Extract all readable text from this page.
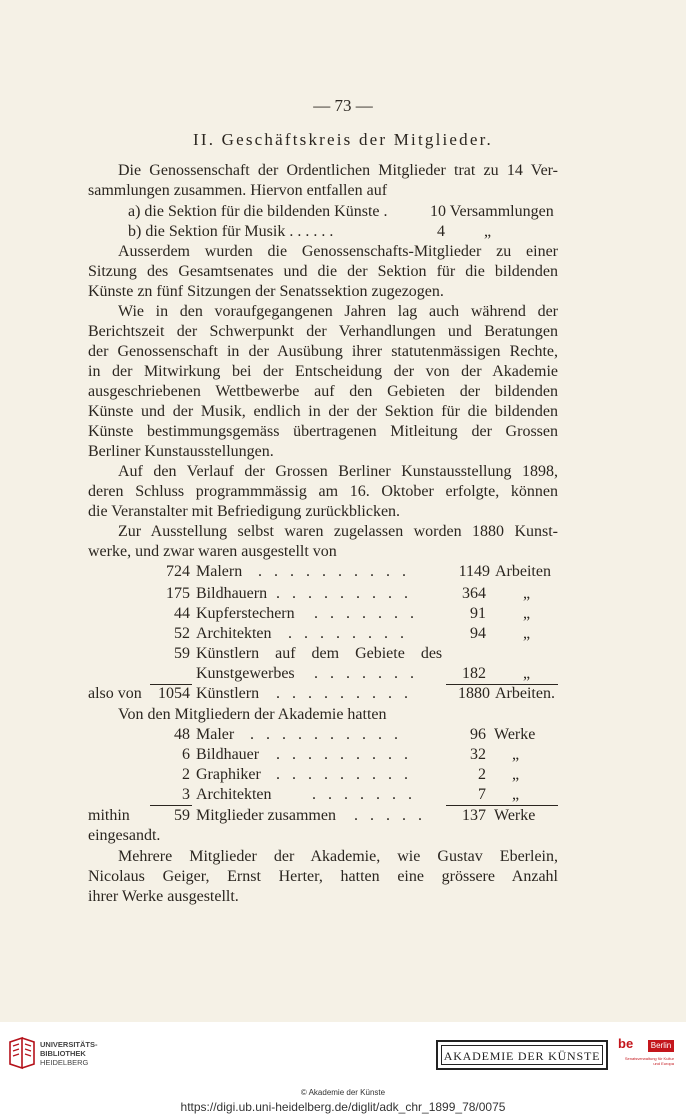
— 73 —
II. Geschäftskreis der Mitglieder.
Die Genossenschaft der Ordentlichen Mitglieder trat zu 14 Ver-
sammlungen zusammen. Hiervon entfallen auf
a) die Sektion für die bildenden Künste .	10 Versammlungen
b) die Sektion für Musik . . . . . .	4 „
Ausserdem wurden die Genossenschafts-Mitglieder zu einer
Sitzung des Gesamtsenates und die der Sektion für die bildenden
Künste zn fünf Sitzungen der Senatssektion zugezogen.
Wie in den voraufgegangenen Jahren lag auch während der
Berichtszeit der Schwerpunkt der Verhandlungen und Beratungen
der Genossenschaft in der Ausübung ihrer statutenmässigen Rechte,
in der Mitwirkung bei der Entscheidung der von der Akademie
ausgeschriebenen Wettbewerbe auf den Gebieten der bildenden
Künste und der Musik, endlich in der der Sektion für die bildenden
Künste bestimmungsgemäss übertragenen Mitleitung der Grossen
Berliner Kunstausstellungen.
Auf den Verlauf der Grossen Berliner Kunstausstellung 1898,
deren Schluss programmmässig am 16. Oktober erfolgte, können
die Veranstalter mit Befriedigung zurückblicken.
Zur Ausstellung selbst waren zugelassen worden 1880 Kunst-
werke, und zwar waren ausgestellt von
724 Malern . . . . . . . . . .	1149 Arbeiten
175 Bildhauern . . . . . . . . .	364 „
44 Kupferstechern . . . . . . .	91 „
52 Architekten . . . . . . . .	94 „
59 Künstlern auf dem Gebiete des
Kunstgewerbes . . . . . . .	182 „
also von	1054 Künstlern . . . . . . . . .	1880 Arbeiten.
Von den Mitgliedern der Akademie hatten
48 Maler . . . . . . . . . .	96 Werke
6 Bildhauer . . . . . . . . .	32 „
2 Graphiker . . . . . . . . .	2 „
3 Architekten	. . . . . . .	7 „
mithin	59 Mitglieder zusammen . . . . .	137 Werke
eingesandt.
Mehrere Mitglieder der Akademie, wie Gustav Eberlein,
Nicolaus Geiger, Ernst Herter, hatten eine grössere Anzahl
ihrer Werke ausgestellt.
UNIVERSITÄTS-
BIBLIOTHEK
HEIDELBERG	AKADEMIE DER KÜNSTE
be	Berlin
Senatsverwaltung für Kultur und Europa
© Akademie der Künste
https://digi.ub.uni-heidelberg.de/diglit/adk_chr_1899_78/0075
